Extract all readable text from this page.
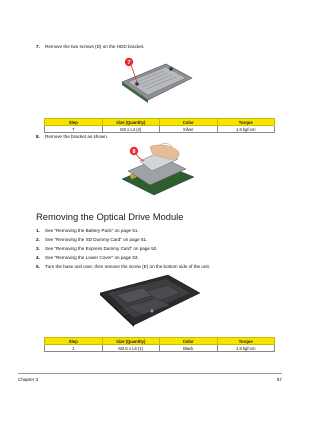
7. Remove the two screws (D) on the HDD bracket.
7
Step	Size (Quantity)	Color	Torque
7	M3 x L4 (2)	Silver	1.6 kgf-cm
8. Remove the bracket as shown.
8
Removing the Optical Drive Module
1. See “Removing the Battery Pack” on page 51.
2. See “Removing the SD Dummy Card” on page 51.
3. See “Removing the Express Dummy Card” on page 52.
4. See “Removing the Lower Cover” on page 53.
5. Turn the base unit over, then remove the screw (E) on the bottom side of the unit.
Step	Size (Quantity)	Color	Torque
1	M2.5 x L6 (1)	Black	1.6 kgf-cm
Chapter 3	57
